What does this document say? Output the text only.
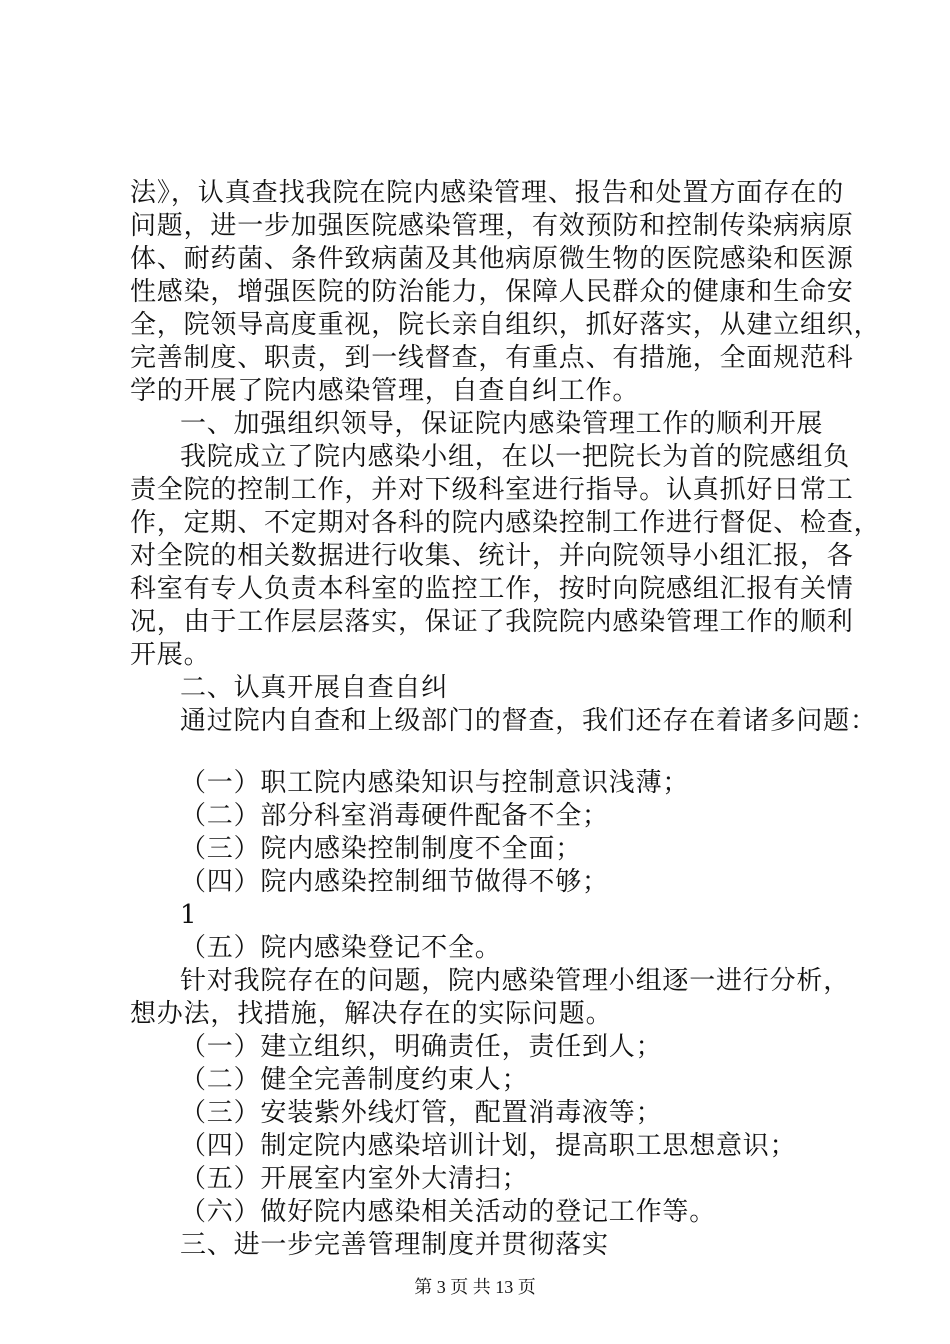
法》，认真查找我院在院内感染管理、报告和处置方面存在的
问题，进一步加强医院感染管理，有效预防和控制传染病病原
体、耐药菌、条件致病菌及其他病原微生物的医院感染和医源
性感染，增强医院的防治能力，保障人民群众的健康和生命安
全，院领导高度重视，院长亲自组织，抓好落实，从建立组织，
完善制度、职责，到一线督查，有重点、有措施，全面规范科
学的开展了院内感染管理，自查自纠工作。
一、加强组织领导，保证院内感染管理工作的顺利开展
我院成立了院内感染小组，在以一把院长为首的院感组负
责全院的控制工作，并对下级科室进行指导。认真抓好日常工
作，定期、不定期对各科的院内感染控制工作进行督促、检查，
对全院的相关数据进行收集、统计，并向院领导小组汇报，各
科室有专人负责本科室的监控工作，按时向院感组汇报有关情
况，由于工作层层落实，保证了我院院内感染管理工作的顺利
开展。
二、认真开展自查自纠
通过院内自查和上级部门的督查，我们还存在着诸多问题：
（一）职工院内感染知识与控制意识浅薄；
（二）部分科室消毒硬件配备不全；
（三）院内感染控制制度不全面；
（四）院内感染控制细节做得不够；
1
（五）院内感染登记不全。
针对我院存在的问题，院内感染管理小组逐一进行分析，
想办法，找措施，解决存在的实际问题。
（一）建立组织，明确责任，责任到人；
（二）健全完善制度约束人；
（三）安装紫外线灯管，配置消毒液等；
（四）制定院内感染培训计划，提高职工思想意识；
（五）开展室内室外大清扫；
（六）做好院内感染相关活动的登记工作等。
三、进一步完善管理制度并贯彻落实
第 3 页 共 13 页
